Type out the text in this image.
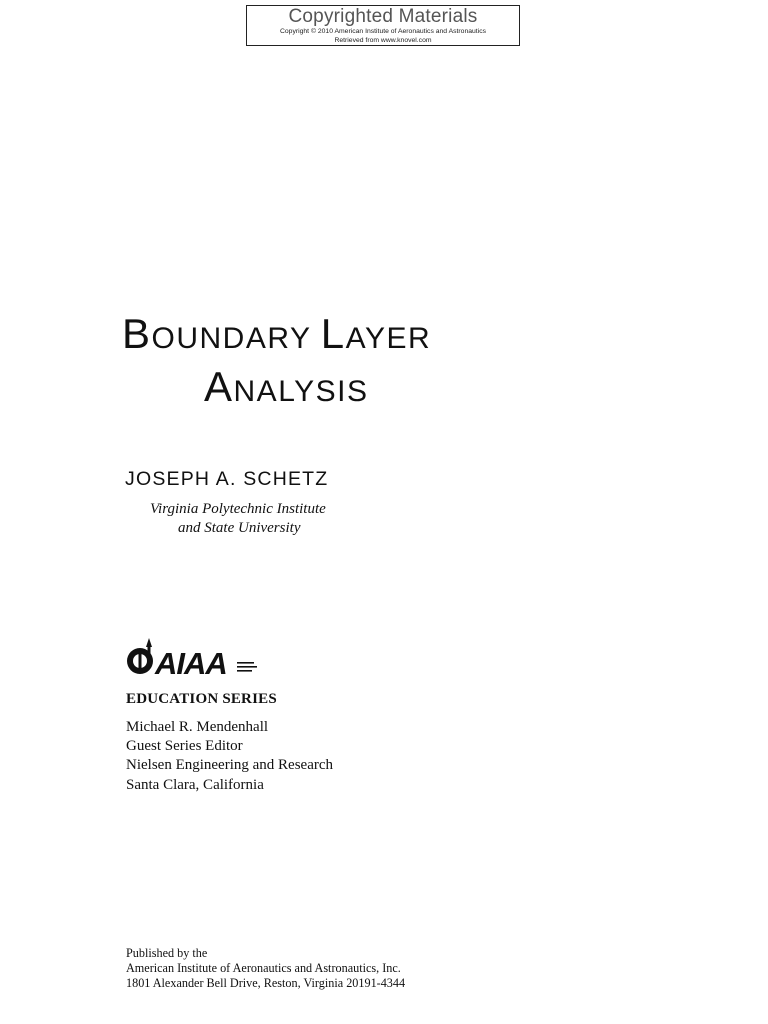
Copyrighted Materials
Copyright © 2010 American Institute of Aeronautics and Astronautics
Retrieved from www.knovel.com
BOUNDARY LAYER
ANALYSIS
JOSEPH A. SCHETZ
Virginia Polytechnic Institute
and State University
AIAA
EDUCATION SERIES
Michael R. Mendenhall
Guest Series Editor
Nielsen Engineering and Research
Santa Clara, California
Published by the
American Institute of Aeronautics and Astronautics, Inc.
1801 Alexander Bell Drive, Reston, Virginia 20191-4344
